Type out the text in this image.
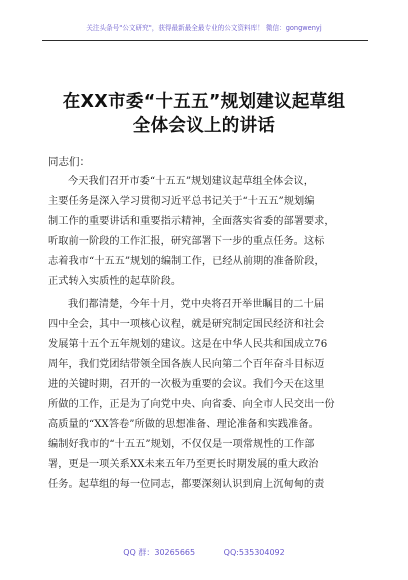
关注头条号"公文研究"，获得最新最全最专业的公文资料库！ 微信：gongwenyj
在XX市委“十五五”规划建议起草组
全体会议上的讲话
同志们：
今天我们召开市委“十五五”规划建议起草组全体会议，
主要任务是深入学习贯彻习近平总书记关于“十五五”规划编
制工作的重要讲话和重要指示精神，全面落实省委的部署要求，
听取前一阶段的工作汇报，研究部署下一步的重点任务。这标
志着我市“十五五”规划的编制工作，已经从前期的准备阶段，
正式转入实质性的起草阶段。
我们都清楚，今年十月，党中央将召开举世瞩目的二十届
四中全会，其中一项核心议程，就是研究制定国民经济和社会
发展第十五个五年规划的建议。这是在中华人民共和国成立76
周年，我们党团结带领全国各族人民向第二个百年奋斗目标迈
进的关键时期，召开的一次极为重要的会议。我们今天在这里
所做的工作，正是为了向党中央、向省委、向全市人民交出一份
高质量的“XX答卷”所做的思想准备、理论准备和实践准备。
编制好我市的“十五五”规划，不仅仅是一项常规性的工作部
署，更是一项关系XX未来五年乃至更长时期发展的重大政治
任务。起草组的每一位同志，都要深刻认识到肩上沉甸甸的责
QQ 群：30265665	QQ:535304092
